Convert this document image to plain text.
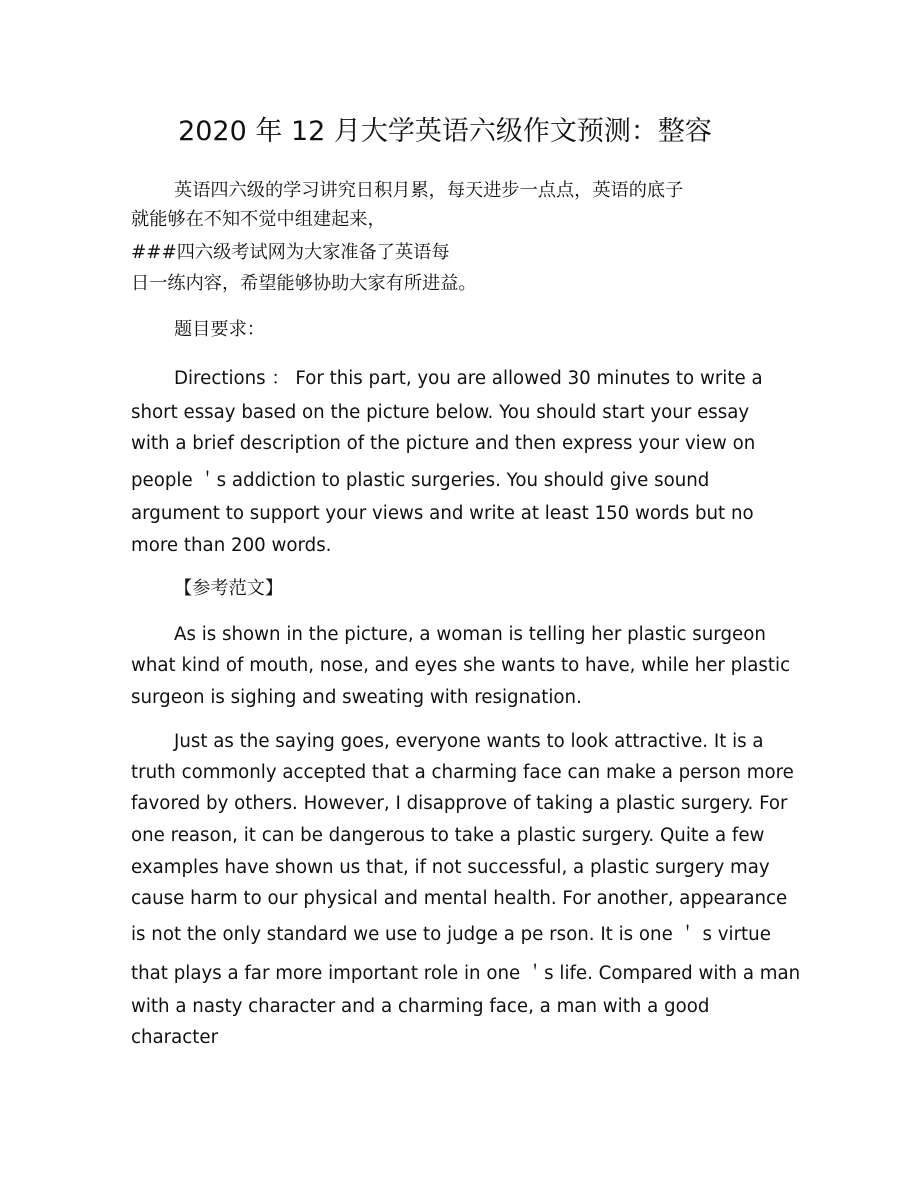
2020 年 12 月大学英语六级作文预测：整容
英语四六级的学习讲究日积月累，每天进步一点点，英语的底子
就能够在不知不觉中组建起来，
###四六级考试网为大家准备了英语每
日一练内容，希望能够协助大家有所进益。
题目要求：
Directions ： For this part, you are allowed 30 minutes to write a
short essay based on the picture below. You should start your essay
with a brief description of the picture and then express your view on
people ＇s addiction to plastic surgeries. You should give sound
argument to support your views and write at least 150 words but no
more than 200 words.
【参考范文】
As is shown in the picture, a woman is telling her plastic surgeon
what kind of mouth, nose, and eyes she wants to have, while her plastic
surgeon is sighing and sweating with resignation.
Just as the saying goes, everyone wants to look attractive. It is a
truth commonly accepted that a charming face can make a person more
favored by others. However, I disapprove of taking a plastic surgery. For
one reason, it can be dangerous to take a plastic surgery. Quite a few
examples have shown us that, if not successful, a plastic surgery may
cause harm to our physical and mental health. For another, appearance
is not the only standard we use to judge a pe rson. It is one ＇ s virtue
that plays a far more important role in one ＇s life. Compared with a man
with a nasty character and a charming face, a man with a good
character
